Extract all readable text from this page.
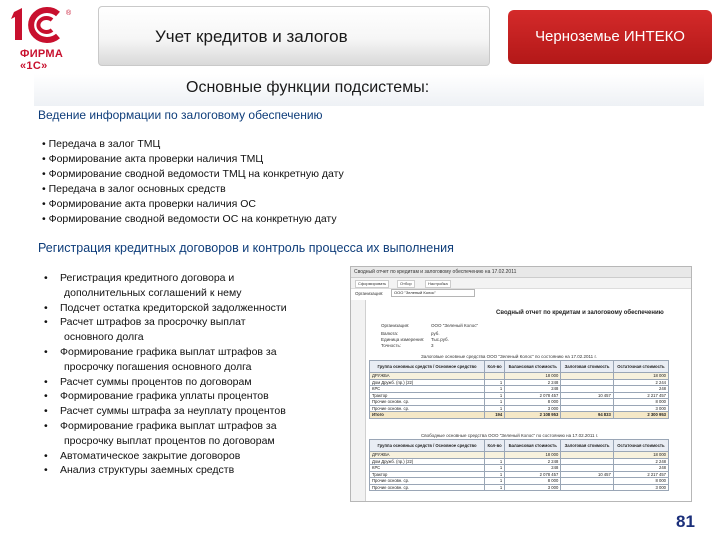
®
ФИРМА «1С»
Учет кредитов и залогов	Черноземье ИНТЕКО
Основные функции подсистемы:
Ведение информации по залоговому обеспечению
• Передача в залог ТМЦ
• Формирование акта проверки наличия ТМЦ
• Формирование сводной ведомости ТМЦ на конкретную дату
• Передача в залог основных средств
• Формирование акта проверки наличия ОС
• Формирование сводной ведомости ОС на конкретную дату
Регистрация кредитных договоров и контроль процесса их выполнения
• Регистрация кредитного договора и
дополнительных соглашений к нему
• Подсчет остатка кредиторской задолженности
• Расчет штрафов за просрочку выплат
основного долга
• Формирование графика выплат штрафов за
просрочку погашения основного долга
• Расчет суммы процентов по договорам
• Формирование графика уплаты процентов
• Расчет суммы штрафа за неуплату процентов
• Формирование графика выплат штрафов за
просрочку выплат процентов по договорам
• Автоматическое закрытие договоров
• Анализ структуры заемных средств
Сводный отчет по кредитам и залоговому обеспечению на 17.02.2011
Сформировать	Отбор	Настройка
Организация:	ООО "Зеленый Колос"
Сводный отчет по кредитам и залоговому обеспечению
Организация:	ООО "Зеленый Колос"
Валюта:	руб.
Единица измерения: Тыс.руб.
Точность:	3
Залоговые основные средства ООО "Зеленый Колос" по состоянию на 17.02.2011 г.
Группа основных средств / Основное средство	Кол-во	Балансовая стоимость	Залоговая стоимость	Остаточная стоимость
ДРУЖБА		18 000		18 000
Дом Дружб. (пр.) (22)	1	2 248		2 244
КРС	1	248		248
Трактор	1	2 078 457	10 457	2 217 457
Прочие основн. ср.	1	8 000		8 000
Прочие основн. ср.	1	3 000		3 000
Итого	194	2 108 953	94 833	2 300 953
Свободные основные средства ООО "Зеленый Колос" по состоянию на 17.02.2011 г.
Группа основных средств / Основное средство	Кол-во	Балансовая стоимость	Залоговая стоимость	Остаточная стоимость
ДРУЖБА		18 000		18 000
Дом Дружб. (пр.) (22)	1	2 248		2 248
КРС	1	248		248
Трактор	1	2 078 457	10 457	2 217 457
Прочие основн. ср.	1	8 000		8 000
Прочие основн. ср.	1	3 000		3 000
81
